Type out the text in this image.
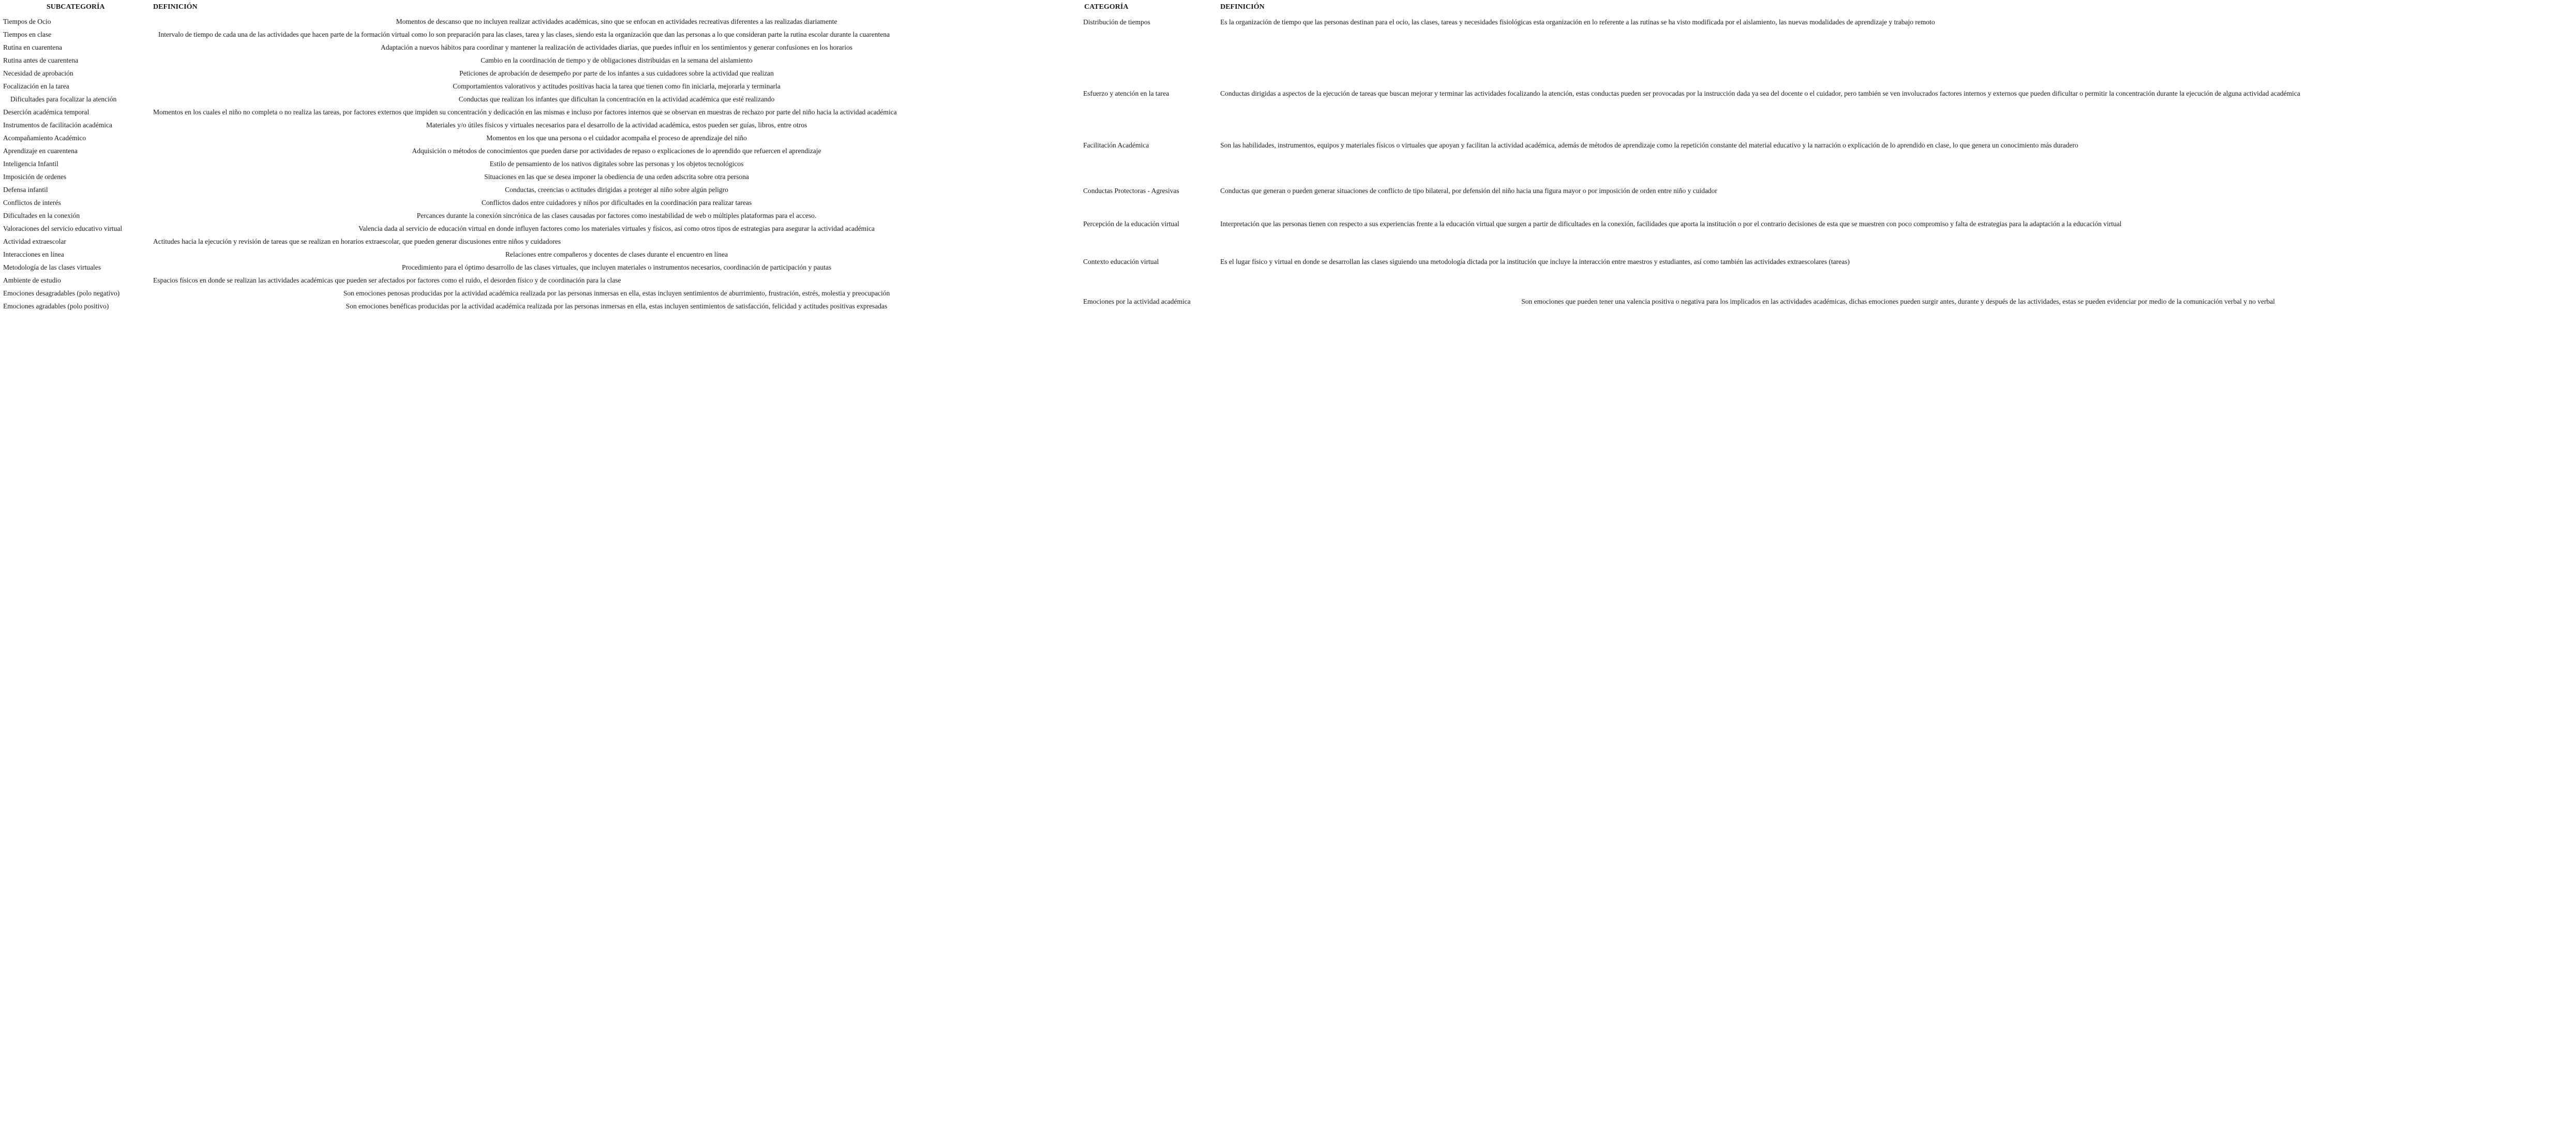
SUBCATEGORÍA	DEFINICIÓN	CATEGORÍA	DEFINICIÓN
Tiempos de Ocio	Momentos de descanso que no incluyen realizar actividades académicas, sino que se enfocan en actividades recreativas diferentes a las realizadas diariamente
Tiempos en clase	Intervalo de tiempo de cada una de las actividades que hacen parte de la formación virtual como lo son preparación para las clases, tarea y las clases, siendo esta la organización que dan las personas a lo que consideran parte la rutina escolar durante la cuarentena
Rutina en cuarentena	Adaptación a nuevos hábitos para coordinar y mantener la realización de actividades diarias, que puedes influir en los sentimientos y generar confusiones en los horarios
Rutina antes de cuarentena	Cambio en la coordinación de tiempo y de obligaciones distribuidas en la semana del aislamiento
Necesidad de aprobación	Peticiones de aprobación de desempeño por parte de los infantes a sus cuidadores sobre la actividad que realizan
Focalización en la tarea	Comportamientos valorativos y actitudes positivas hacia la tarea que tienen como fin iniciarla, mejorarla y terminarla
Dificultades para focalizar la atención	Conductas que realizan los infantes que dificultan la concentración en la actividad académica que esté realizando
Deserción académica temporal	Momentos en los cuales el niño no completa o no realiza las tareas, por factores externos que impiden su concentración y dedicación en las mismas e incluso por factores internos que se observan en muestras de rechazo por parte del niño hacia la actividad académica
Instrumentos de facilitación académica	Materiales y/o útiles físicos y virtuales necesarios para el desarrollo de la actividad académica, estos pueden ser guías, libros, entre otros
Acompañamiento Académico	Momentos en los que una persona o el cuidador acompaña el proceso de aprendizaje del niño
Aprendizaje en cuarentena	Adquisición o métodos de conocimientos que pueden darse por actividades de repaso o explicaciones de lo aprendido que refuercen el aprendizaje
Inteligencia Infantil	Estilo de pensamiento de los nativos digitales sobre las personas y los objetos tecnológicos
Imposición de ordenes	Situaciones en las que se desea imponer la obediencia de una orden adscrita sobre otra persona
Defensa infantil	Conductas, creencias o actitudes dirigidas a proteger al niño sobre algún peligro
Conflictos de interés	Conflictos dados entre cuidadores y niños por dificultades en la coordinación para realizar tareas
Dificultades en la conexión	Percances durante la conexión sincrónica de las clases causadas por factores como inestabilidad de web o múltiples plataformas para el acceso.
Valoraciones del servicio educativo virtual	Valencia dada al servicio de educación virtual en donde influyen factores como los materiales virtuales y físicos, así como otros tipos de estrategias para asegurar la actividad académica
Actividad extraescolar	Actitudes hacia la ejecución y revisión de tareas que se realizan en horarios extraescolar, que pueden generar discusiones entre niños y cuidadores
Interacciones en línea	Relaciones entre compañeros y docentes de clases durante el encuentro en línea
Metodología de las clases virtuales	Procedimiento para el óptimo desarrollo de las clases virtuales, que incluyen materiales o instrumentos necesarios, coordinación de participación y pautas
Ambiente de estudio	Espacios físicos en donde se realizan las actividades académicas que pueden ser afectados por factores como el ruido, el desorden físico y de coordinación para la clase
Emociones desagradables (polo negativo)	Son emociones penosas producidas por la actividad académica realizada por las personas inmersas en ella, estas incluyen sentimientos de aburrimiento, frustración, estrés, molestia y preocupación
Emociones agradables (polo positivo)	Son emociones benéficas producidas por la actividad académica realizada por las personas inmersas en ella, estas incluyen sentimientos de satisfacción, felicidad y actitudes positivas expresadas
Distribución de tiempos	Es la organización de tiempo que las personas destinan para el ocio, las clases, tareas y necesidades fisiológicas esta organización en lo referente a las rutinas se ha visto modificada por el aislamiento, las nuevas modalidades de aprendizaje y trabajo remoto
Esfuerzo y atención en la tarea	Conductas dirigidas a aspectos de la ejecución de tareas que buscan mejorar y terminar las actividades focalizando la atención, estas conductas pueden ser provocadas por la instrucción dada ya sea del docente o el cuidador, pero también se ven involucrados factores internos y externos que pueden dificultar o permitir la concentración durante la ejecución de alguna actividad académica
Facilitación Académica	Son las habilidades, instrumentos, equipos y materiales físicos o virtuales que apoyan y facilitan la actividad académica, además de métodos de aprendizaje como la repetición constante del material educativo y la narración o explicación de lo aprendido en clase, lo que genera un conocimiento más duradero
Conductas Protectoras - Agresivas	Conductas que generan o pueden generar situaciones de conflicto de tipo bilateral, por defensión del niño hacia una figura mayor o por imposición de orden entre niño y cuidador
Percepción de la educación virtual	Interpretación que las personas tienen con respecto a sus experiencias frente a la educación virtual que surgen a partir de dificultades en la conexión, facilidades que aporta la institución o por el contrario decisiones de esta que se muestren con poco compromiso y falta de estrategias para la adaptación a la educación virtual
Contexto educación virtual	Es el lugar físico y virtual en donde se desarrollan las clases siguiendo una metodología dictada por la institución que incluye la interacción entre maestros y estudiantes, así como también las actividades extraescolares (tareas)
Emociones por la actividad académica	Son emociones que pueden tener una valencia positiva o negativa para los implicados en las actividades académicas, dichas emociones pueden surgir antes, durante y después de las actividades, estas se pueden evidenciar por medio de la comunicación verbal y no verbal
